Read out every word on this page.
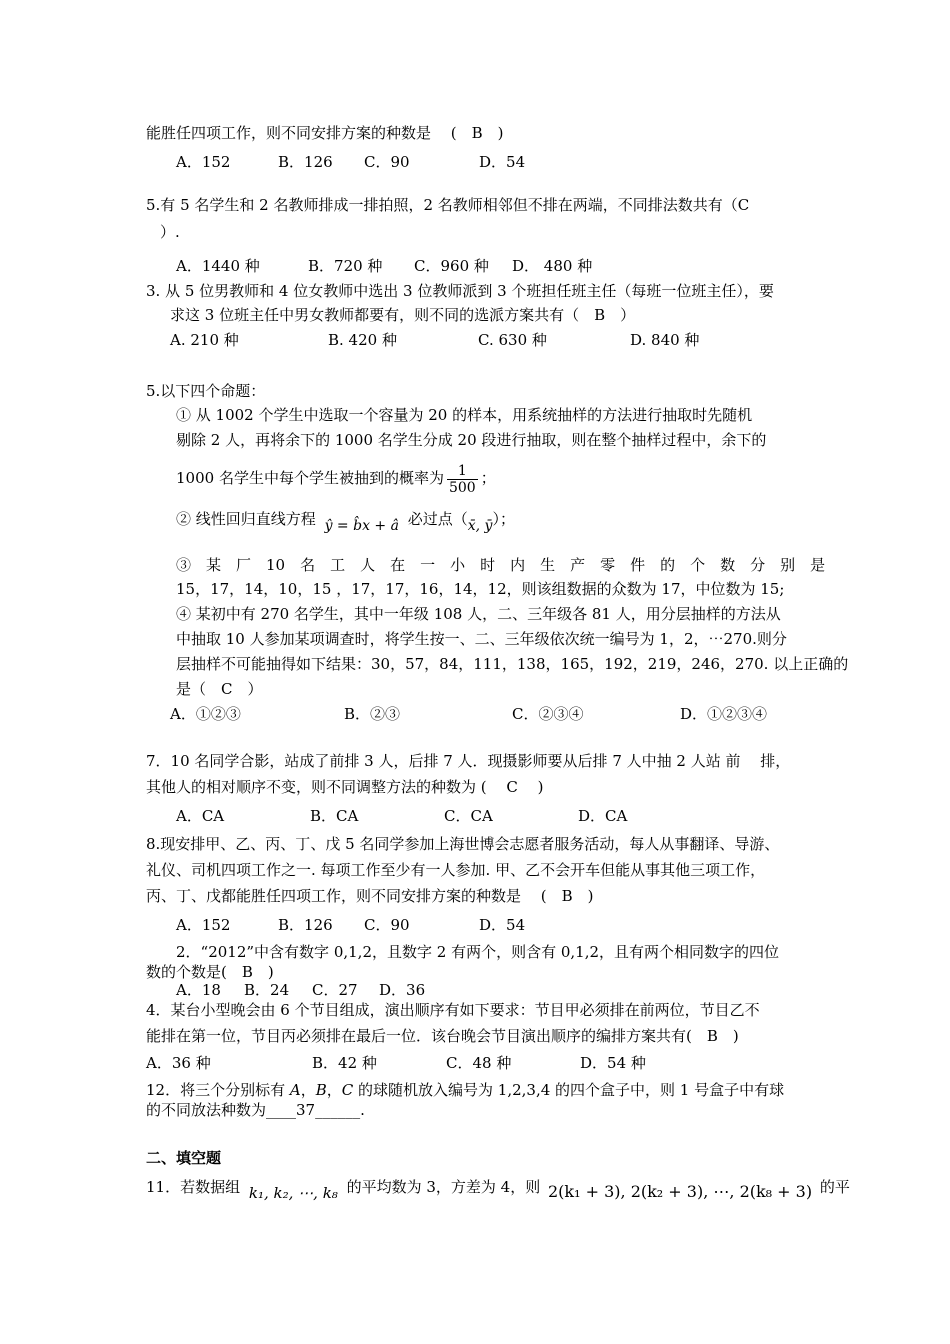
能胜任四项工作，则不同安排方案的种数是　 (　B　)
A．152	B．126 C．90	D．54
5.有 5 名学生和 2 名教师排成一排拍照，2 名教师相邻但不排在两端，不同排法数共有（C
）.
A．1440 种	B．720 种 C．960 种 D． 480 种
3. 从 5 位男教师和 4 位女教师中选出 3 位教师派到 3 个班担任班主任（每班一位班主任），要
求这 3 位班主任中男女教师都要有，则不同的选派方案共有（　B　）
A. 210 种	B. 420 种	C. 630 种	D. 840 种
5.以下四个命题：
① 从 1002 个学生中选取一个容量为 20 的样本，用系统抽样的方法进行抽取时先随机
剔除 2 人，再将余下的 1000 名学生分成 20 段进行抽取，则在整个抽样过程中，余下的
1000 名学生中每个学生被抽到的概率为 $\frac{1}{500}$ ；
② 线性回归直线方程 ŷ = b̂x + â 必过点（x̄, ȳ）；
③　某　厂　10　名　工　人　在　一　小　时　内　生　产　零　件　的　个　数　分　别　是
15，17，14，10，15 ，17，17，16，14，12，则该组数据的众数为 17，中位数为 15;
④ 某初中有 270 名学生，其中一年级 108 人，二、三年级各 81 人，用分层抽样的方法从
中抽取 10 人参加某项调查时，将学生按一、二、三年级依次统一编号为 1，2，⋯270.则分
层抽样不可能抽得如下结果：30，57，84，111，138，165，192，219，246，270. 以上正确的
是（　C　）
A．①②③	B．②③	C．②③④	D．①②③④
7．10 名同学合影，站成了前排 3 人，后排 7 人．现摄影师要从后排 7 人中抽 2 人站 前　 排，
其他人的相对顺序不变，则不同调整方法的种数为 (　 C　 )
A．CA	B．CA	C．CA	D．CA
8.现安排甲、乙、丙、丁、戊 5 名同学参加上海世博会志愿者服务活动，每人从事翻译、导游、
礼仪、司机四项工作之一. 每项工作至少有一人参加. 甲、乙不会开车但能从事其他三项工作，
丙、丁、戊都能胜任四项工作，则不同安排方案的种数是　 (　B　)
A．152	B．126 C．90	D．54
2．“2012”中含有数字 0,1,2，且数字 2 有两个，则含有 0,1,2，且有两个相同数字的四位
数的个数是(　B　)
A．18 B．24 C．27 D．36
4．某台小型晚会由 6 个节目组成，演出顺序有如下要求：节目甲必须排在前两位，节目乙不
能排在第一位，节目丙必须排在最后一位．该台晚会节目演出顺序的编排方案共有(　B　)
A．36 种	B．42 种	C．48 种	D．54 种
12．将三个分别标有 A，B，C 的球随机放入编号为 1,2,3,4 的四个盒子中，则 1 号盒子中有球
的不同放法种数为____37______.
二、填空题
11．若数据组 k₁, k₂, ⋯, k₈ 的平均数为 3，方差为 4，则 2(k₁ + 3), 2(k₂ + 3), ⋯, 2(k₈ + 3) 的平
